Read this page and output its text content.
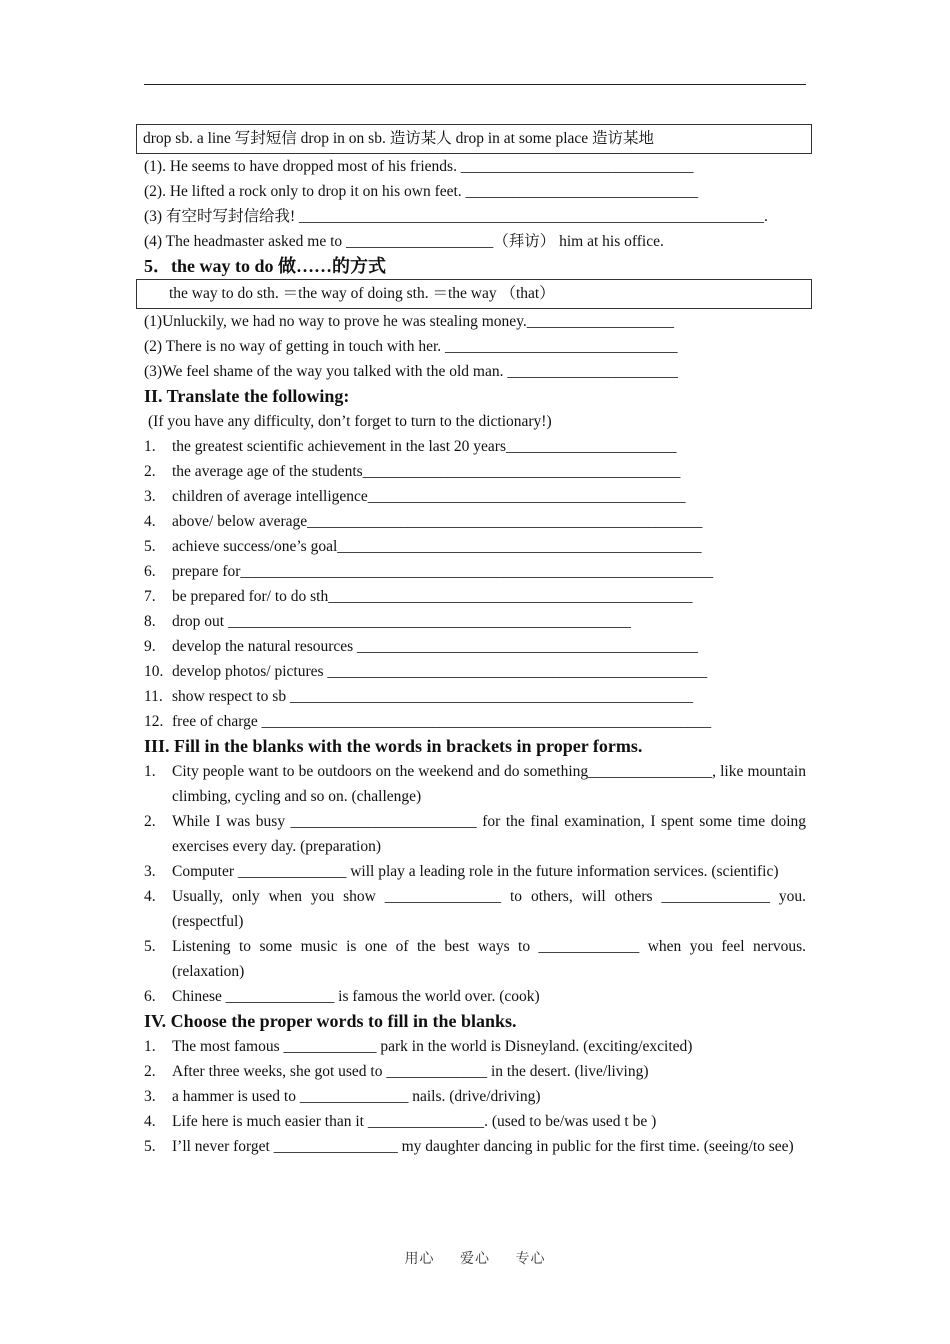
drop sb. a line 写封短信 drop in on sb. 造访某人 drop in at some place 造访某地
(1). He seems to have dropped most of his friends. ______________________________
(2). He lifted a rock only to drop it on his own feet. ______________________________
(3) 有空时写封信给我! ____________________________________________________________.
(4) The headmaster asked me to ___________________（拜访） him at his office.
5．the way to do 做……的方式
the way to do sth. ＝the way of doing sth. ＝the way （that）
(1)Unluckily, we had no way to prove he was stealing money.___________________
(2) There is no way of getting in touch with her. ______________________________
(3)We feel shame of the way you talked with the old man. ______________________
II. Translate the following:
(If you have any difficulty, don’t forget to turn to the dictionary!)
1.	the greatest scientific achievement in the last 20 years______________________
2.	the average age of the students_________________________________________
3.	children of average intelligence_________________________________________
4.	above/ below average___________________________________________________
5.	achieve success/one’s goal_______________________________________________
6.	prepare for_____________________________________________________________
7.	be prepared for/ to do sth_______________________________________________
8.	drop out ____________________________________________________
9.	develop the natural resources ____________________________________________
10. develop photos/ pictures _________________________________________________
11. show respect to sb ____________________________________________________
12. free of charge __________________________________________________________
III. Fill in the blanks with the words in brackets in proper forms.
1.	City people want to be outdoors on the weekend and do something________________, like mountain climbing, cycling and so on. (challenge)
2.	While I was busy ________________________ for the final examination, I spent some time doing exercises every day. (preparation)
3.	Computer ______________ will play a leading role in the future information services. (scientific)
4.	Usually, only when you show _______________ to others, will others ______________ you. (respectful)
5.	Listening to some music is one of the best ways to _____________ when you feel nervous. (relaxation)
6.	Chinese ______________ is famous the world over. (cook)
IV. Choose the proper words to fill in the blanks.
1.	The most famous ____________ park in the world is Disneyland. (exciting/excited)
2.	After three weeks, she got used to _____________ in the desert. (live/living)
3.	a hammer is used to ______________ nails. (drive/driving)
4.	Life here is much easier than it _______________. (used to be/was used t be )
5.	I’ll never forget ________________ my daughter dancing in public for the first time. (seeing/to see)
用心 爱心 专心
